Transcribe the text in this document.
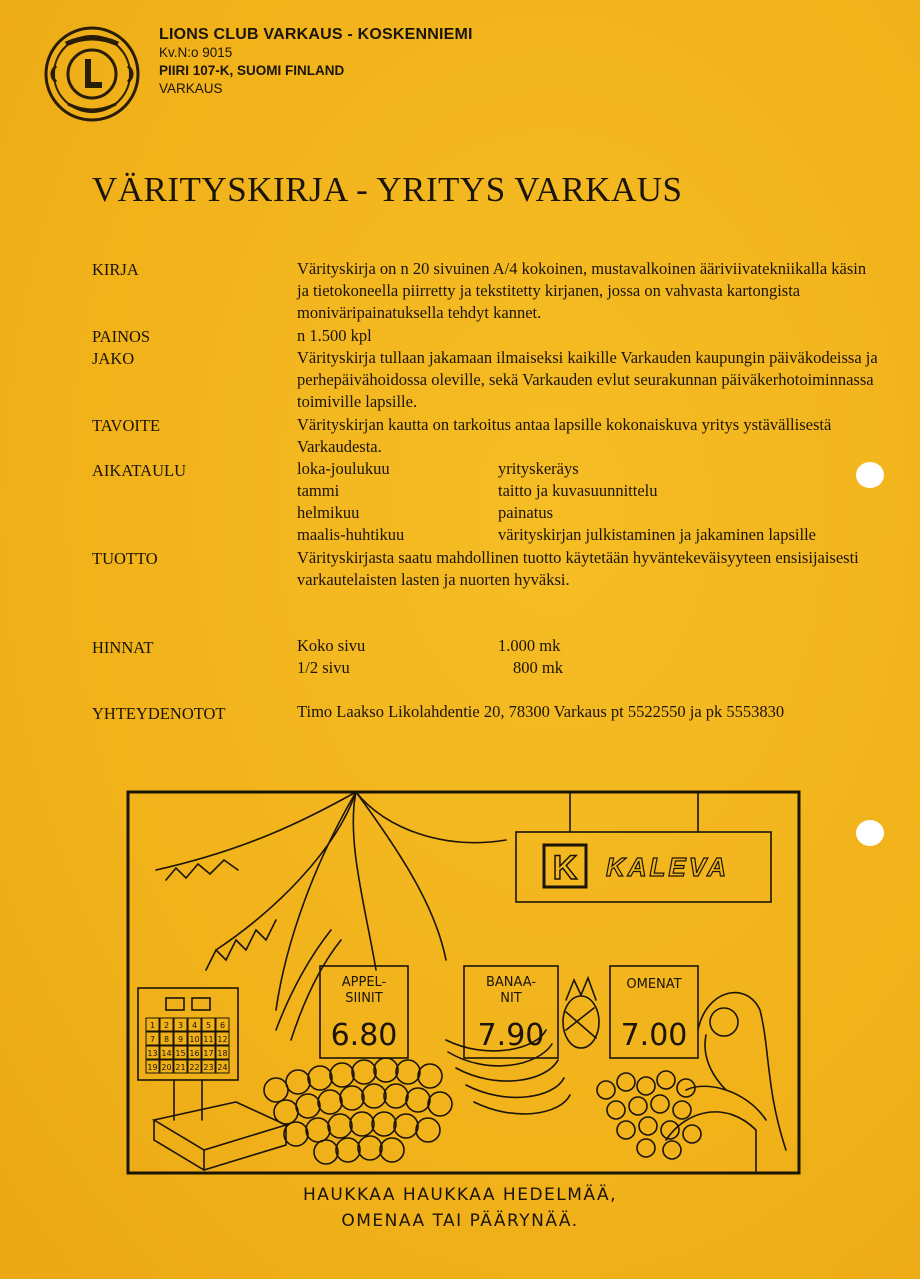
LIONS CLUB VARKAUS - KOSKENNIEMI
Kv.N:o 9015
PIIRI 107-K, SUOMI FINLAND
VARKAUS
VÄRITYSKIRJA - YRITYS VARKAUS
KIRJA	Värityskirja on n 20 sivuinen A/4 kokoinen, mustavalkoinen ääriviivatekniikalla käsin ja tietokoneella piirretty ja tekstitetty kirjanen, jossa on vahvasta kartongista moniväripainatuksella tehdyt kannet.
PAINOS	n 1.500 kpl
JAKO	Värityskirja tullaan jakamaan ilmaiseksi kaikille Varkauden kaupungin päiväkodeissa ja perhepäivähoidossa oleville, sekä Varkauden evlut seurakunnan päiväkerhotoiminnassa toimiville lapsille.
TAVOITE	Värityskirjan kautta on tarkoitus antaa lapsille kokonaiskuva yritys ystävällisestä Varkaudesta.
AIKATAULU	loka-joulukuu	yrityskeräys
tammi	taitto ja kuvasuunnittelu
helmikuu	painatus
maalis-huhtikuu	värityskirjan julkistaminen ja jakaminen lapsille
TUOTTO	Värityskirjasta saatu mahdollinen tuotto käytetään hyväntekeväisyyteen ensisijaisesti varkautelaisten lasten ja nuorten hyväksi.
HINNAT	Koko sivu	1.000 mk
1/2 sivu	800 mk
YHTEYDENOTOT	Timo Laakso Likolahdentie 20, 78300 Varkaus pt 5522550 ja pk 5553830
K KALEVA
APPEL-SIINIT
6.80
BANAA-NIT
7.90
OMENAT
7.00
1 2 3 4 5 6
7 8 9 10 11 12
13 14 15 16 17 18
19 20 21 22 23 24
HAUKKAA HAUKKAA HEDELMÄÄ,
OMENAA TAI PÄÄRYNÄÄ.
